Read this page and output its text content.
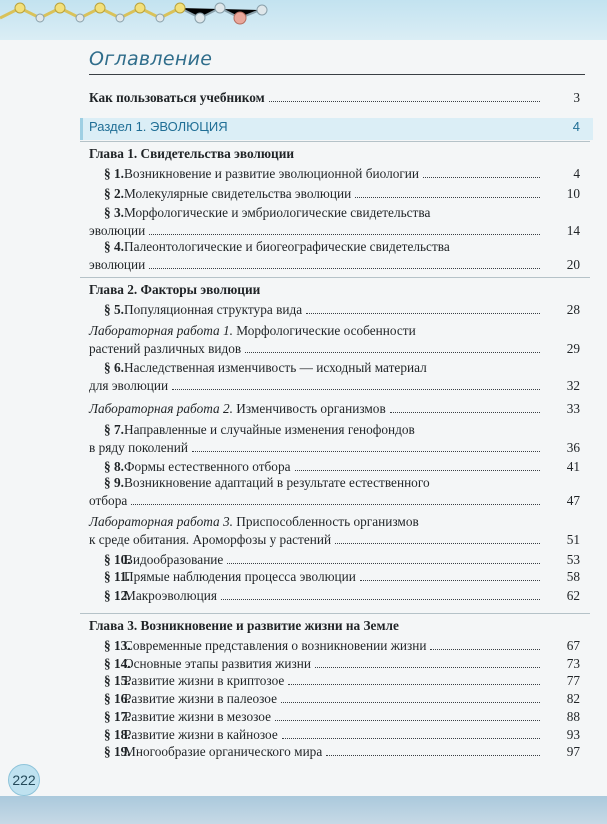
Оглавление
Как пользоваться учебником	3
Раздел 1. ЭВОЛЮЦИЯ	4
Глава 1. Свидетельства эволюции
§ 1. Возникновение и развитие эволюционной биологии	4
§ 2. Молекулярные свидетельства эволюции	10
§ 3. Морфологические и эмбриологические свидетельства
эволюции	14
§ 4. Палеонтологические и биогеографические свидетельства
эволюции	20
Глава 2. Факторы эволюции
§ 5. Популяционная структура вида	28
Лабораторная работа 1. Морфологические особенности
растений различных видов	29
§ 6. Наследственная изменчивость — исходный материал
для эволюции	32
Лабораторная работа 2. Изменчивость организмов	33
§ 7. Направленные и случайные изменения генофондов
в ряду поколений	36
§ 8. Формы естественного отбора	41
§ 9. Возникновение адаптаций в результате естественного
отбора	47
Лабораторная работа 3. Приспособленность организмов
к среде обитания. Ароморфозы у растений	51
§ 10.
Видообразование	53
§ 11.
Прямые наблюдения процесса эволюции	58
§ 12.
Макроэволюция	62
Глава 3. Возникновение и развитие жизни на Земле
§ 13.
Современные представления о возникновении жизни	67
§ 14.
Основные этапы развития жизни	73
§ 15.
Развитие жизни в криптозое	77
§ 16.
Развитие жизни в палеозое	82
§ 17.
Развитие жизни в мезозое	88
§ 18.
Развитие жизни в кайнозое	93
§ 19.
Многообразие органического мира	97
222
